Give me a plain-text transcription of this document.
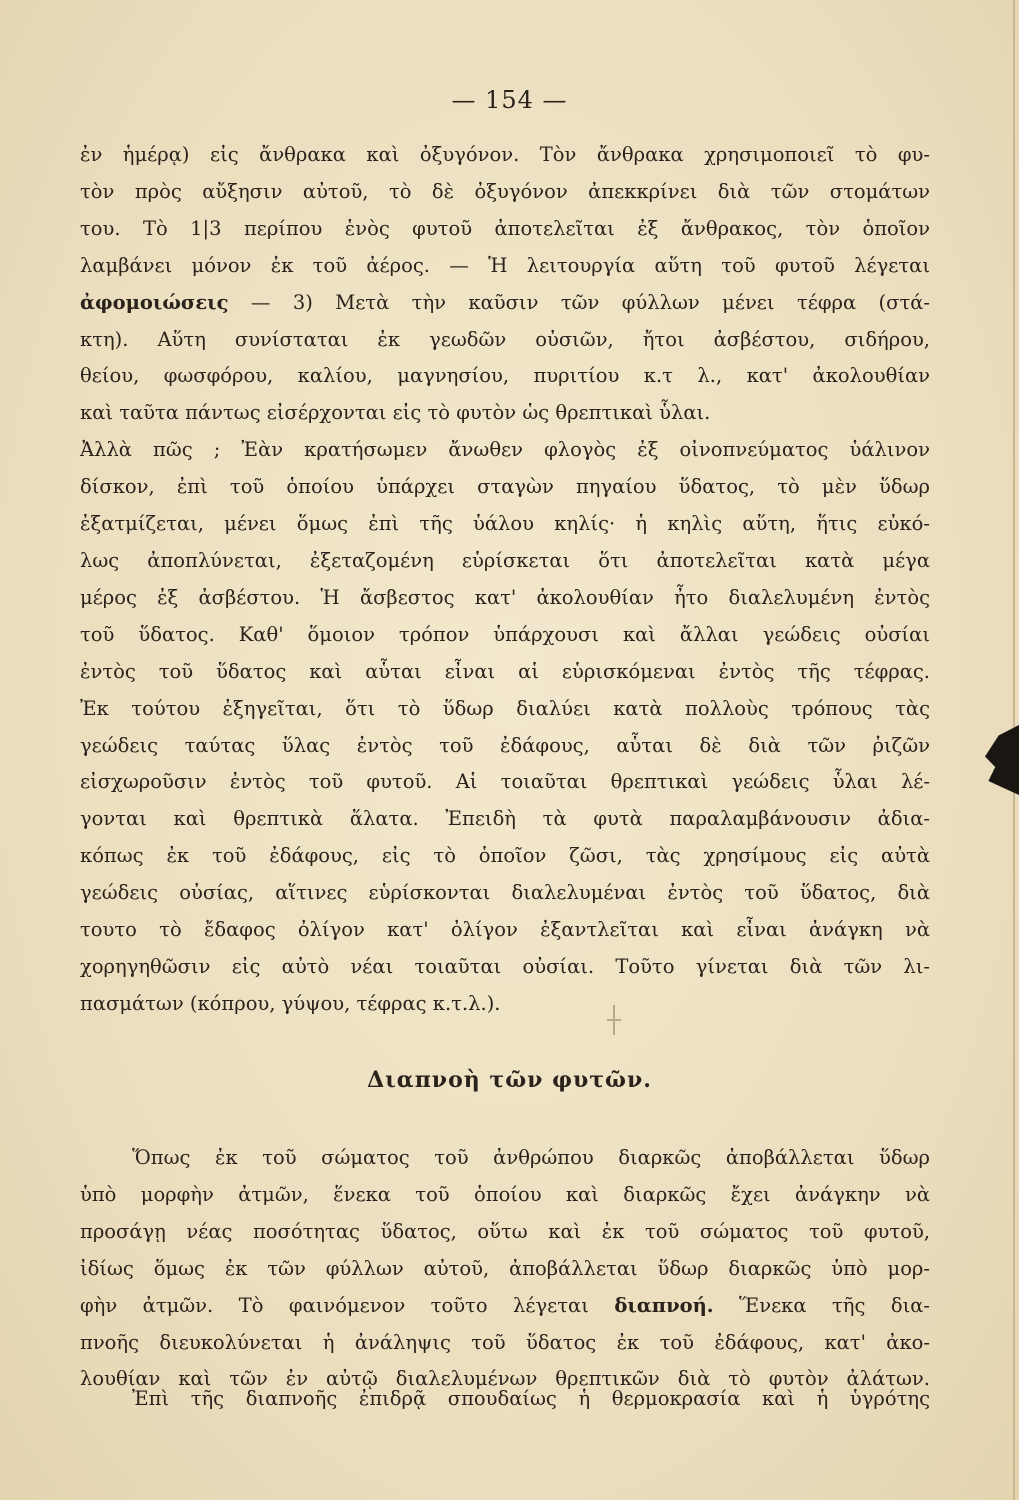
— 154 —
ἐν ἡμέρᾳ) εἰς ἄνθρακα καὶ ὀξυγόνον. Τὸν ἄνθρακα χρησιμοποιεῖ τὸ φυ-
τὸν πρὸς αὔξησιν αὐτοῦ, τὸ δὲ ὀξυγόνον ἀπεκκρίνει διὰ τῶν στομάτων
του. Τὸ 1|3 περίπου ἑνὸς φυτοῦ ἀποτελεῖται ἐξ ἄνθρακος, τὸν ὁποῖον
λαμβάνει μόνον ἐκ τοῦ ἀέρος. — Ἡ λειτουργία αὕτη τοῦ φυτοῦ λέγεται
ἀφομοιώσεις — 3) Μετὰ τὴν καῦσιν τῶν φύλλων μένει τέφρα (στά-
κτη). Αὕτη συνίσταται ἐκ γεωδῶν οὐσιῶν, ἤτοι ἀσβέστου, σιδήρου,
θείου, φωσφόρου, καλίου, μαγνησίου, πυριτίου κ.τ λ., κατ' ἀκολουθίαν
καὶ ταῦτα πάντως εἰσέρχονται εἰς τὸ φυτὸν ὡς θρεπτικαὶ ὗλαι.
Ἀλλὰ πῶς ; Ἐὰν κρατήσωμεν ἄνωθεν φλογὸς ἐξ οἰνοπνεύματος ὑάλινον
δίσκον, ἐπὶ τοῦ ὁποίου ὑπάρχει σταγὼν πηγαίου ὕδατος, τὸ μὲν ὕδωρ
ἐξατμίζεται, μένει ὅμως ἐπὶ τῆς ὑάλου κηλίς· ἡ κηλὶς αὕτη, ἥτις εὐκό-
λως ἀποπλύνεται, ἐξεταζομένη εὑρίσκεται ὅτι ἀποτελεῖται κατὰ μέγα
μέρος ἐξ ἀσβέστου. Ἡ ἄσβεστος κατ' ἀκολουθίαν ἦτο διαλελυμένη ἐντὸς
τοῦ ὕδατος. Καθ' ὅμοιον τρόπον ὑπάρχουσι καὶ ἄλλαι γεώδεις οὐσίαι
ἐντὸς τοῦ ὕδατος καὶ αὗται εἶναι αἱ εὑρισκόμεναι ἐντὸς τῆς τέφρας.
Ἐκ τούτου ἐξηγεῖται, ὅτι τὸ ὕδωρ διαλύει κατὰ πολλοὺς τρόπους τὰς
γεώδεις ταύτας ὕλας ἐντὸς τοῦ ἐδάφους, αὗται δὲ διὰ τῶν ῥιζῶν
εἰσχωροῦσιν ἐντὸς τοῦ φυτοῦ. Αἱ τοιαῦται θρεπτικαὶ γεώδεις ὗλαι λέ-
γονται καὶ θρεπτικὰ ἅλατα. Ἐπειδὴ τὰ φυτὰ παραλαμβάνουσιν ἀδια-
κόπως ἐκ τοῦ ἐδάφους, εἰς τὸ ὁποῖον ζῶσι, τὰς χρησίμους εἰς αὐτὰ
γεώδεις οὐσίας, αἵτινες εὑρίσκονται διαλελυμέναι ἐντὸς τοῦ ὕδατος, διὰ
τουτο τὸ ἔδαφος ὀλίγον κατ' ὀλίγον ἐξαντλεῖται καὶ εἶναι ἀνάγκη νὰ
χορηγηθῶσιν εἰς αὐτὸ νέαι τοιαῦται οὐσίαι. Τοῦτο γίνεται διὰ τῶν λι-
πασμάτων (κόπρου, γύψου, τέφρας κ.τ.λ.).
Διαπνοὴ τῶν φυτῶν.
Ὅπως ἐκ τοῦ σώματος τοῦ ἀνθρώπου διαρκῶς ἀποβάλλεται ὕδωρ
ὑπὸ μορφὴν ἀτμῶν, ἕνεκα τοῦ ὁποίου καὶ διαρκῶς ἔχει ἀνάγκην νὰ
προσάγῃ νέας ποσότητας ὕδατος, οὕτω καὶ ἐκ τοῦ σώματος τοῦ φυτοῦ,
ἰδίως ὅμως ἐκ τῶν φύλλων αὐτοῦ, ἀποβάλλεται ὕδωρ διαρκῶς ὑπὸ μορ-
φὴν ἀτμῶν. Τὸ φαινόμενον τοῦτο λέγεται διαπνοή. Ἕνεκα τῆς δια-
πνοῆς διευκολύνεται ἡ ἀνάληψις τοῦ ὕδατος ἐκ τοῦ ἐδάφους, κατ' ἀκο-
λουθίαν καὶ τῶν ἐν αὐτῷ διαλελυμένων θρεπτικῶν διὰ τὸ φυτὸν ἀλάτων.
Ἐπὶ τῆς διαπνοῆς ἐπιδρᾷ σπουδαίως ἡ θερμοκρασία καὶ ἡ ὑγρότης
